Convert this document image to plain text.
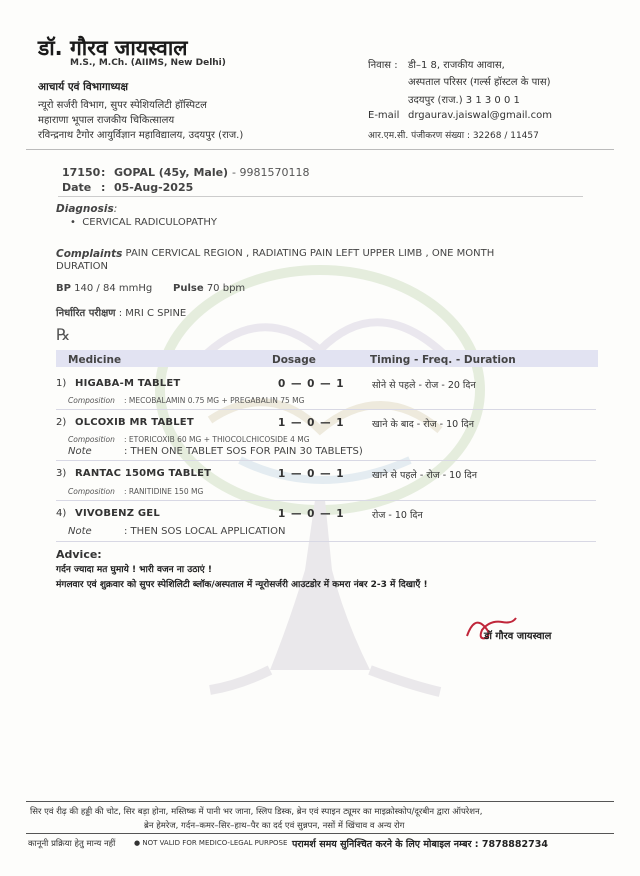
डॉ. गौरव जायस्वाल
M.S., M.Ch. (AIIMS, New Delhi)
आचार्य एवं विभागाध्यक्ष
न्यूरो सर्जरी विभाग, सुपर स्पेशियलिटी हॉस्पिटल
महाराणा भूपाल राजकीय चिकित्सालय
रविन्द्रनाथ टैगोर आयुर्विज्ञान महाविद्यालय, उदयपुर (राज.)
निवास : डी–1 8, राजकीय आवास,
अस्पताल परिसर (गर्ल्स हॉस्टल के पास)
उदयपुर (राज.) 3 1 3 0 0 1
E-mail drgaurav.jaiswal@gmail.com
आर.एम.सी. पंजीकरण संख्या : 32268 / 11457
17150 : GOPAL (45y, Male) - 9981570118
Date : 05-Aug-2025
Diagnosis:
•  CERVICAL RADICULOPATHY
Complaints
: PAIN CERVICAL REGION , RADIATING PAIN LEFT UPPER LIMB , ONE MONTH
DURATION
BP 140 / 84 mmHg Pulse 70 bpm
निर्धारित परीक्षण : MRI C SPINE
℞
Medicine	Dosage	Timing - Freq. - Duration
1) HIGABA-M TABLET	0 — 0 — 1	सोने से पहले - रोज - 20 दिन
Composition : MECOBALAMIN 0.75 MG + PREGABALIN 75 MG
2) OLCOXIB MR TABLET	1 — 0 — 1	खाने के बाद - रोज - 10 दिन
Composition : ETORICOXIB 60 MG + THIOCOLCHICOSIDE 4 MG
Note	: THEN ONE TABLET SOS FOR PAIN 30 TABLETS)
3) RANTAC 150MG TABLET	1 — 0 — 1	खाने से पहले - रोज - 10 दिन
Composition : RANITIDINE 150 MG
4) VIVOBENZ GEL	1 — 0 — 1	रोज - 10 दिन
Note	: THEN SOS LOCAL APPLICATION
Advice:
गर्दन ज्यादा मत घुमाये ! भारी वजन ना उठाएं !
मंगलवार एवं शुक्रवार को सुपर स्पेशिलिटी ब्लॉक/अस्पताल में न्यूरोसर्जरी आउटडोर में कमरा नंबर 2-3 में दिखाएँ !
डॉ गौरव जायस्वाल
सिर एवं रीढ़ की हड्डी की चोट, सिर बड़ा होना, मस्तिष्क में पानी भर जाना, स्लिप डिस्क, ब्रेन एवं स्पाइन ट्यूमर का माइक्रोस्कोप/दूरबीन द्वारा ऑपरेशन,
ब्रेन हेमरेज, गर्दन–कमर–सिर–हाथ–पैर का दर्द एवं सुन्नपन, नसों में खिंचाव व अन्य रोग
कानूनी प्रक्रिया हेतु मान्य नहीं	● NOT VALID FOR MEDICO-LEGAL PURPOSE परामर्श समय सुनिश्चित करने के लिए मोबाइल नम्बर : 7878882734
